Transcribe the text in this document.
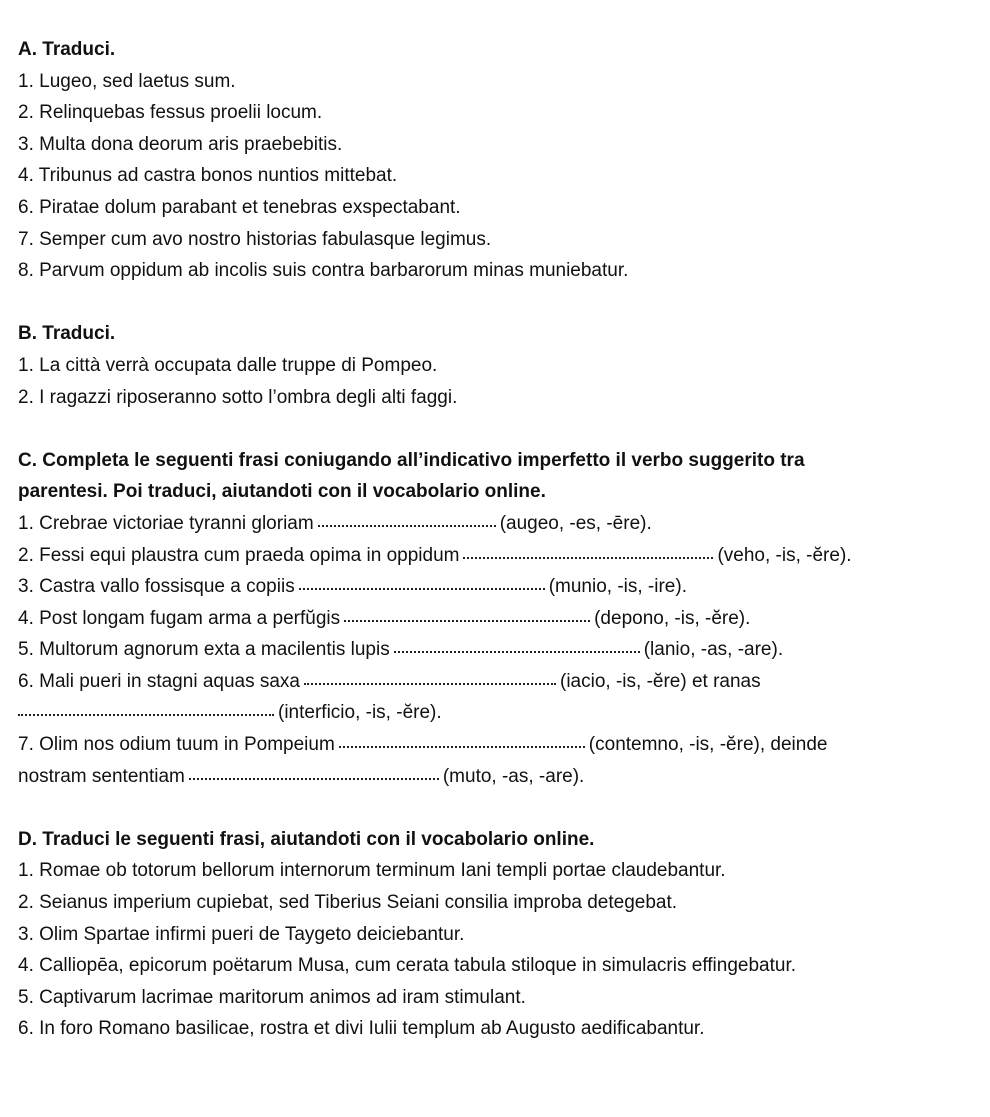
A. Traduci.
1. Lugeo, sed laetus sum.
2. Relinquebas fessus proelii locum.
3. Multa dona deorum aris praebebitis.
4. Tribunus ad castra bonos nuntios mittebat.
6. Piratae dolum parabant et tenebras exspectabant.
7. Semper cum avo nostro historias fabulasque legimus.
8. Parvum oppidum ab incolis suis contra barbarorum minas muniebatur.
B. Traduci.
1. La città verrà occupata dalle truppe di Pompeo.
2. I ragazzi riposeranno sotto l’ombra degli alti faggi.
C. Completa le seguenti frasi coniugando all’indicativo imperfetto il verbo suggerito tra
parentesi. Poi traduci, aiutandoti con il vocabolario online.
1. Crebrae victoriae tyranni gloriam	(augeo, -es, -ēre).
2. Fessi equi plaustra cum praeda opima in oppidum	(veho, -is, -ĕre).
3. Castra vallo fossisque a copiis	(munio, -is, -ire).
4. Post longam fugam arma a perfŭgis	(depono, -is, -ĕre).
5. Multorum agnorum exta a macilentis lupis	(lanio, -as, -are).
6. Mali pueri in stagni aquas saxa	(iacio, -is, -ĕre) et ranas
(interficio, -is, -ĕre).
7. Olim nos odium tuum in Pompeium	(contemno, -is, -ĕre), deinde
nostram sententiam	(muto, -as, -are).
D. Traduci le seguenti frasi, aiutandoti con il vocabolario online.
1. Romae ob totorum bellorum internorum terminum Iani templi portae claudebantur.
2. Seianus imperium cupiebat, sed Tiberius Seiani consilia improba detegebat.
3. Olim Spartae infirmi pueri de Taygeto deiciebantur.
4. Calliopēa, epicorum poëtarum Musa, cum cerata tabula stiloque in simulacris effingebatur.
5. Captivarum lacrimae maritorum animos ad iram stimulant.
6. In foro Romano basilicae, rostra et divi Iulii templum ab Augusto aedificabantur.
